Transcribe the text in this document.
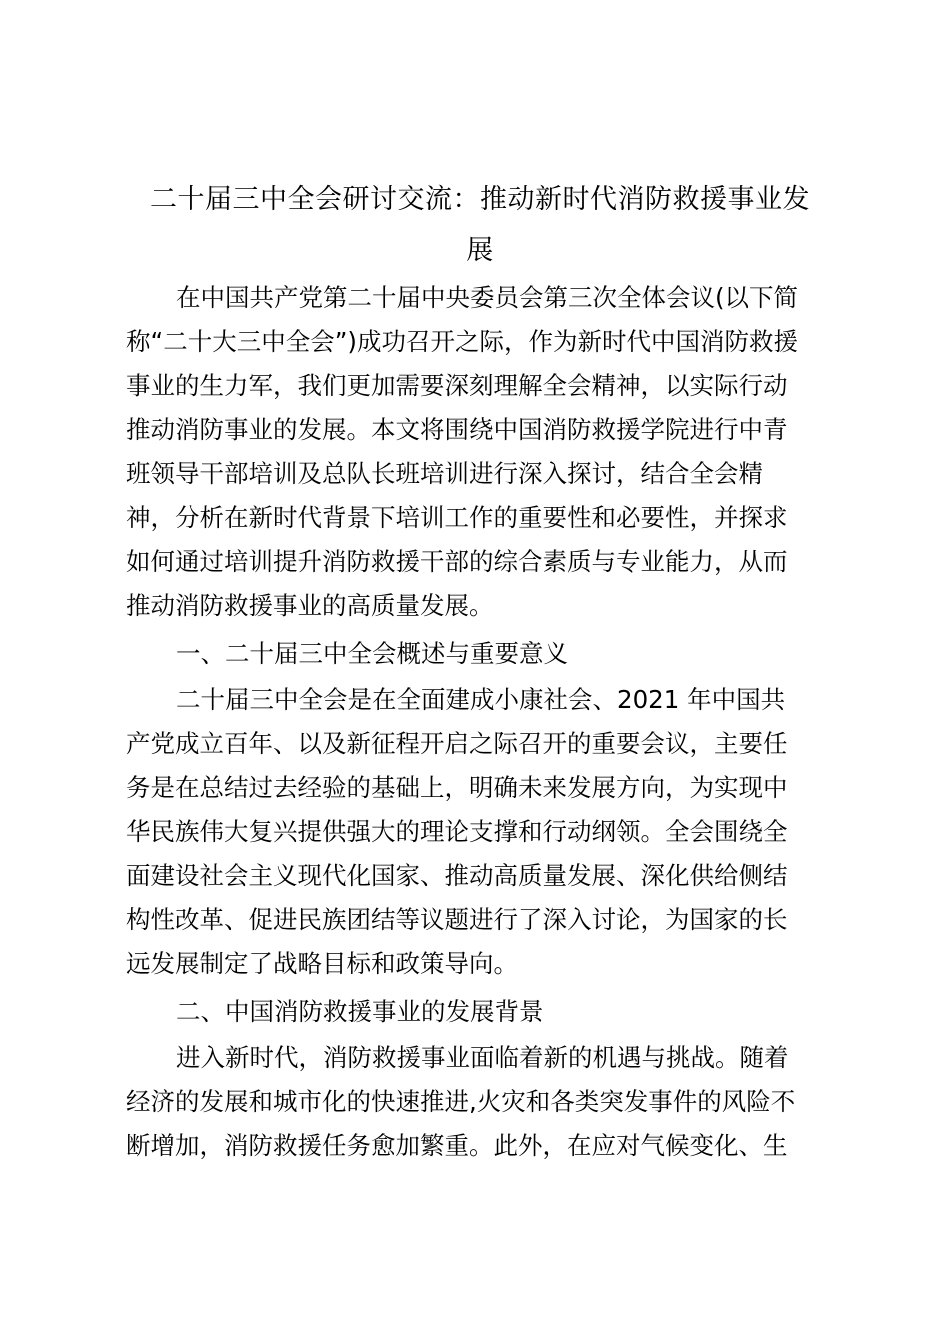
二十届三中全会研讨交流：推动新时代消防救援事业发
展

在中国共产党第二十届中央委员会第三次全体会议(以下简

称“二十大三中全会”)成功召开之际，作为新时代中国消防救援

事业的生力军，我们更加需要深刻理解全会精神，以实际行动

推动消防事业的发展。本文将围绕中国消防救援学院进行中青

班领导干部培训及总队长班培训进行深入探讨，结合全会精

神，分析在新时代背景下培训工作的重要性和必要性，并探求

如何通过培训提升消防救援干部的综合素质与专业能力，从而

推动消防救援事业的高质量发展。

一、二十届三中全会概述与重要意义

二十届三中全会是在全面建成小康社会、2021 年中国共

产党成立百年、以及新征程开启之际召开的重要会议，主要任

务是在总结过去经验的基础上，明确未来发展方向，为实现中

华民族伟大复兴提供强大的理论支撑和行动纲领。全会围绕全

面建设社会主义现代化国家、推动高质量发展、深化供给侧结

构性改革、促进民族团结等议题进行了深入讨论，为国家的长

远发展制定了战略目标和政策导向。

二、中国消防救援事业的发展背景

进入新时代，消防救援事业面临着新的机遇与挑战。随着

经济的发展和城市化的快速推进,火灾和各类突发事件的风险不

断增加，消防救援任务愈加繁重。此外，在应对气候变化、生
